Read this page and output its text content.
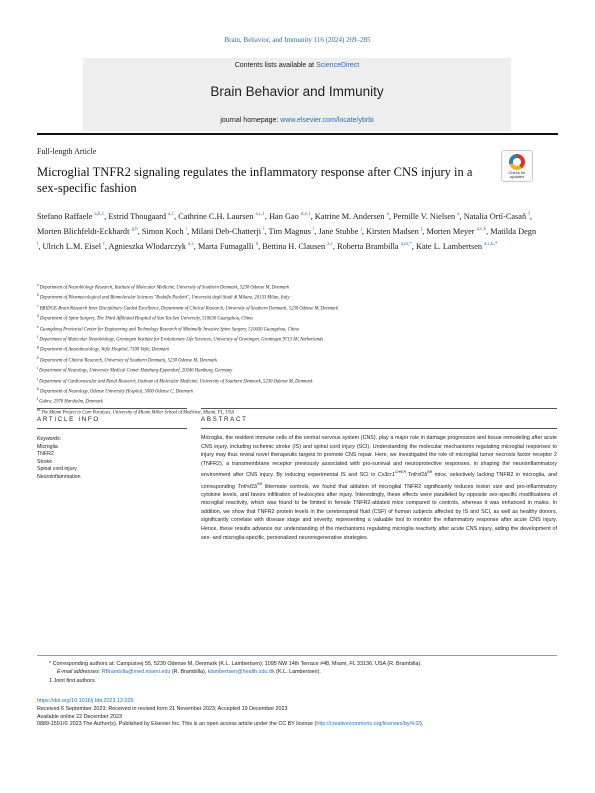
Brain, Behavior, and Immunity 116 (2024) 269–285
Contents lists available at ScienceDirect
Brain Behavior and Immunity
journal homepage: www.elsevier.com/locate/ybrbi
Full-length Article
Microglial TNFR2 signaling regulates the inflammatory response after CNS injury in a sex-specific fashion
Check for updates
Stefano Raffaele $^{a,b,1}$, Estrid Thougaard $^{a,1}$, Cathrine C.H. Laursen $^{a,c,1}$, Han Gao $^{d,e,1}$, Katrine M. Andersen $^a$, Pernille V. Nielsen $^a$, Natalia Ortí-Casañ $^f$, Morten Blichfeldt-Eckhardt $^{g,h}$, Simon Koch $^i$, Milani Deb-Chatterji $^i$, Tim Magnus $^i$, Jane Stubbe $^j$, Kirsten Madsen $^j$, Morten Meyer $^{a,c,k}$, Matilda Degn $^l$, Ulrich L.M. Eisel $^f$, Agnieszka Wlodarczyk $^{a,c}$, Marta Fumagalli $^b$, Bettina H. Clausen $^{a,c}$, Roberta Brambilla $^{a,m,*}$, Kate L. Lambertsen $^{a,c,k,*}$
$^a$ Department of Neurobiology Research, Institute of Molecular Medicine, University of Southern Denmark, 5230 Odense M, Denmark
$^b$ Department of Pharmacological and Biomolecular Sciences "Rodolfo Paoletti", Università degli Studi di Milano, 20133 Milan, Italy
$^c$ BRIDGE-Brain Research Inter Disciplinary Guided Excellence, Department of Clinical Research, University of Southern Denmark, 5230 Odense M, Denmark
$^d$ Department of Spine Surgery, The Third Affiliated Hospital of Sun Yat-Sen University, 510630 Guangzhou, China
$^e$ Guangdong Provincial Center for Engineering and Technology Research of Minimally Invasive Spine Surgery, 510630 Guangzhou, China
$^f$ Department of Molecular Neurobiology, Groningen Institute for Evolutionary Life Sciences, University of Groningen, Groningen 9713 AV, Netherlands
$^g$ Department of Anaesthesiology, Vejle Hospital, 7100 Vejle, Denmark
$^h$ Department of Clinical Research, University of Southern Denmark, 5230 Odense M, Denmark
$^i$ Department of Neurology, University Medical Center Hamburg-Eppendorf, 20246 Hamburg, Germany
$^j$ Department of Cardiovascular and Renal Research, Institute of Molecular Medicine, University of Southern Denmark, 5230 Odense M, Denmark
$^k$ Department of Neurology, Odense University Hospital, 5000 Odense C, Denmark
$^l$ Gubra, 2970 Hørsholm, Denmark
$^m$ The Miami Project to Cure Paralysis, University of Miami Miller School of Medicine, Miami, FL, USA
ARTICLE INFO	ABSTRACT
Keywords:
Microglia
TNFR2
Stroke
Spinal cord injury
Neuroinflammation
Microglia, the resident immune cells of the central nervous system (CNS), play a major role in damage progression and tissue remodeling after acute CNS injury, including ischemic stroke (IS) and spinal cord injury (SCI). Understanding the molecular mechanisms regulating microglial responses to injury may thus reveal novel therapeutic targets to promote CNS repair. Here, we investigated the role of microglial tumor necrosis factor receptor 2 (TNFR2), a transmembrane receptor previously associated with pro-survival and neuroprotective responses, in shaping the neuroinflammatory environment after CNS injury. By inducing experimental IS and SCI in $Cx3cr1^{CreER}:Tnfrsf1b^{fl/fl}$ mice, selectively lacking TNFR2 in microglia, and corresponding $Tnfrsf1b^{fl/fl}$ littermate controls, we found that ablation of microglial TNFR2 significantly reduces lesion size and pro-inflammatory cytokine levels, and favors infiltration of leukocytes after injury. Interestingly, these effects were paralleled by opposite sex-specific modifications of microglial reactivity, which was found to be limited in female TNFR2-ablated mice compared to controls, whereas it was enhanced in males. In addition, we show that TNFR2 protein levels in the cerebrospinal fluid (CSF) of human subjects affected by IS and SCI, as well as healthy donors, significantly correlate with disease stage and severity, representing a valuable tool to monitor the inflammatory response after acute CNS injury. Hence, these results advance our understanding of the mechanisms regulating microglia reactivity after acute CNS injury, aiding the development of sex- and microglia-specific, personalized neuroregenerative strategies.
* Corresponding authors at: Campusvej 55, 5230 Odense M, Denmark (K.L. Lambertsen); 1095 NW 14th Terrace #48, Miami, FL 33136, USA (R. Brambilla).
E-mail addresses: RBrambilla@med.miami.edu (R. Brambilla), klambertsen@health.sdu.dk (K.L. Lambertsen).
1 Joint first authors.
https://doi.org/10.1016/j.bbi.2023.12.025
Received 6 September 2023; Received in revised form 21 November 2023; Accepted 19 December 2023
Available online 22 December 2023
0889-1591/© 2023 The Author(s). Published by Elsevier Inc. This is an open access article under the CC BY license (http://creativecommons.org/licenses/by/4.0/).
